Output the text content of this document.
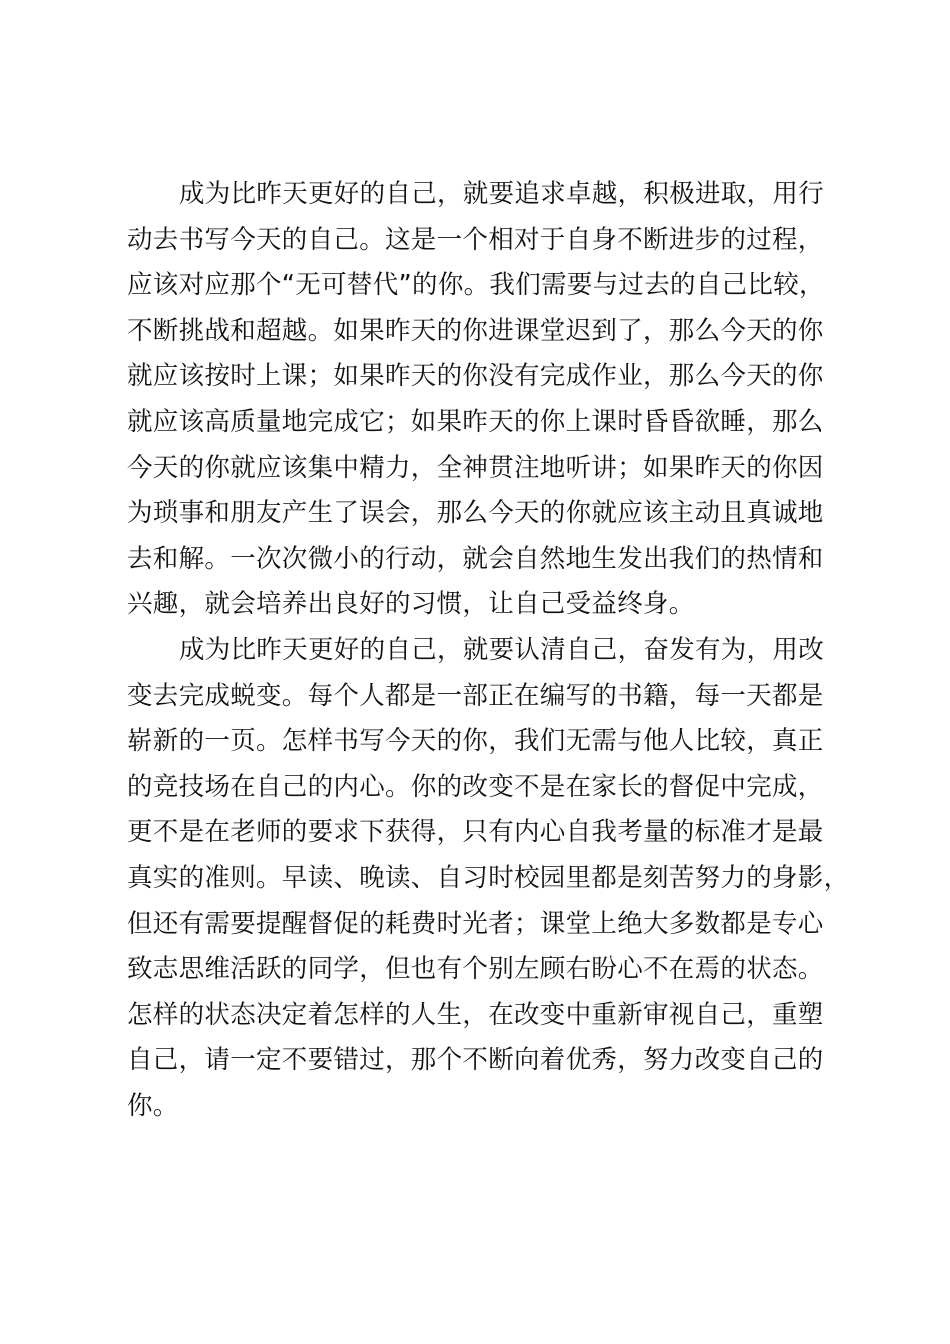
成为比昨天更好的自己，就要追求卓越，积极进取，用行
动去书写今天的自己。这是一个相对于自身不断进步的过程，
应该对应那个“无可替代”的你。我们需要与过去的自己比较，
不断挑战和超越。如果昨天的你进课堂迟到了，那么今天的你
就应该按时上课；如果昨天的你没有完成作业，那么今天的你
就应该高质量地完成它；如果昨天的你上课时昏昏欲睡，那么
今天的你就应该集中精力，全神贯注地听讲；如果昨天的你因
为琐事和朋友产生了误会，那么今天的你就应该主动且真诚地
去和解。一次次微小的行动，就会自然地生发出我们的热情和
兴趣，就会培养出良好的习惯，让自己受益终身。
成为比昨天更好的自己，就要认清自己，奋发有为，用改
变去完成蜕变。每个人都是一部正在编写的书籍，每一天都是
崭新的一页。怎样书写今天的你，我们无需与他人比较，真正
的竞技场在自己的内心。你的改变不是在家长的督促中完成，
更不是在老师的要求下获得，只有内心自我考量的标准才是最
真实的准则。早读、晚读、自习时校园里都是刻苦努力的身影，
但还有需要提醒督促的耗费时光者；课堂上绝大多数都是专心
致志思维活跃的同学，但也有个别左顾右盼心不在焉的状态。
怎样的状态决定着怎样的人生，在改变中重新审视自己，重塑
自己，请一定不要错过，那个不断向着优秀，努力改变自己的
你。
